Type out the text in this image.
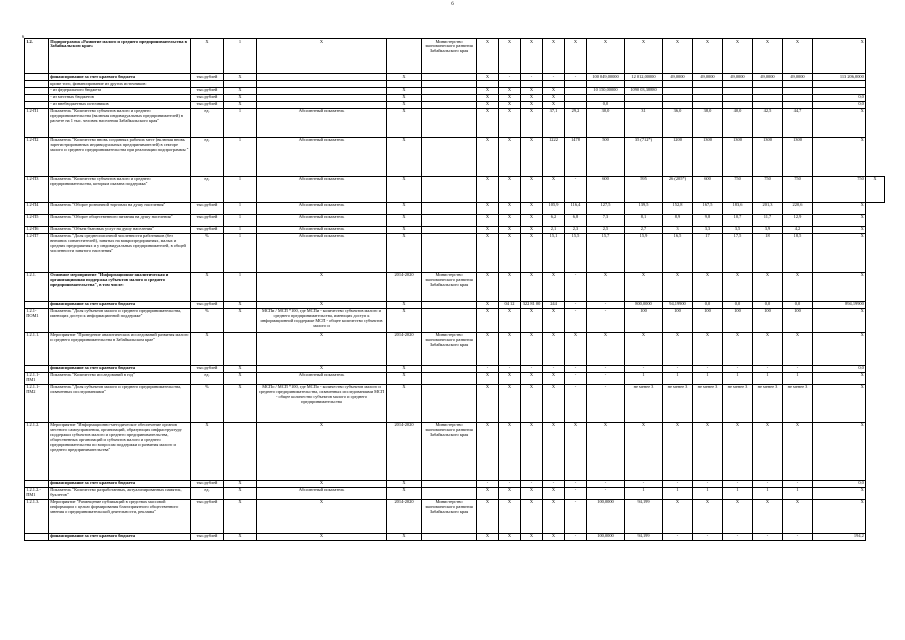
6
6
1.2.	Подпрограмма «Развитие малого и среднего предпринимательства в Забайкальском крае»	X	1	X		Министерство экономического развития Забайкальского края	X	X	X	X	X	X	X	X	X	X	X	X	X	
	финансирование за счет краевого бюджета	тыс.рублей	X		X		X	-	-	-	-	100 049,00000	12 012,00000	49,0000	49,0000	49,0000	49,0000	49,0000	113 206,0000	
	кроме того, финансирование из других источников:																			
	- из федерального бюджета	тыс.рублей	X		X		X	X	X	X		10 150,00000	1090 03,38880							
	- из местных бюджетов	тыс.рублей	X		X		X	X	X	X									0,0	
	- из внебюджетных источников	тыс.рублей	X		X		X	X	X	X		0,0							0,0	
1.2-П1	Показатель "Количество субъектов малого и среднего предпринимательства (включая индивидуальных предпринимателей) в расчете на 1 тыс. человек населения Забайкальского края"	ед.	1	Абсолютный показатель	X		X	X	X	37,1	29,2	30,0	31	36,0	38,0	40,0	42,5	44,7	X	
1.2-П2	Показатель "Количество вновь созданных рабочих мест (включая вновь зарегистрированных индивидуальных предпринимателей) в секторе малого и среднего предпринимательства при реализации подпрограммы "	ед.	1	Абсолютный показатель	X		X	X	X	1222	1478	500	35 (712*)	1200	1300	1300	1300	1300	X	
1.2-П3	Показатель "Количество субъектов малого и среднего предпринимательства, которым оказана поддержка"	ед.	1	Абсолютный показатель	X		X	X	X	X	-	600	595	26 (205*)	600	750	750	750	750	X
1.2-П4	Показатель "Оборот розничной торговли на душу населения"	тыс.рублей	1	Абсолютный показатель	X		X	X	X	105,9	116,4	127,5	139,5	152,8	167,5	183,6	201,3	220,6	X	
1.2-П5	Показатель "Оборот общественного питания на душу населения"	тыс.рублей	1	Абсолютный показатель	X		X	X	X	6,2	6,8	7,3	8,1	8,9	9,8	10,7	11,7	12,9	X	
1.2-П6	Показатель "Объем бытовых услуг на душу населения"	тыс.рублей	1	Абсолютный показатель	X		X	X	X	2,1	2,3	2,5	2,7	3	3,3	3,5	3,9	4,2	X	
1.2-П7	Показатель "Доля среднесписочной численности работников (без внешних совместителей), занятых на микропредприятиях, малых и средних предприятиях и у индивидуальных предпринимателей, в общей численности занятого населения"	%	1	Абсолютный показатель	X		X	X	X	15,1	15,5	15,7	15,9	16,5	17	17,5	18	18,5	X	
1.2.1.	Основное мероприятие "Информационно-аналитическая и организационная поддержка субъектов малого и среднего предпринимательства", в том числе:	X	1	X	2014-2020	Министерство экономического развития Забайкальского края	X	X	X	X	-	X	X	X	X	X	X	X	X	
	финансирование за счет краевого бюджета	тыс.рублей	X	X	X		X	04 12	322 81 00	244	-	-	800,0000	94,19900	0,0	0,0	0,0	0,0	894,19900	
1.2.1-ПОМ1	Показатель "Доля субъектов малого и среднего предпринимательства, имеющих доступ к информационной поддержке"	%	X	МСПи / МСП *100, где МСПи - количество субъектов малого и среднего предпринимательства, имеющих доступ к информационной поддержке МСП - общее количество субъектов малого и	X		X	X	X	X	-	-	100	100	100	100	100	100	X	
1.2.1.1.	Мероприятие "Проведение аналитических исследований развития малого и среднего предпринимательства в Забайкальском крае"	X		X	2014-2020	Министерство экономического развития Забайкальского края	X	X	X	X	X	X	X	X	X	X	X	X	X	
	финансирование за счет краевого бюджета	тыс.рублей	X	X	X		-	-	-	-	-	-	-	-	-	-	-	-	0,0	
1.2.1.1-ПМ1	Показатель "Количество исследований в год"	ед.	X	Абсолютный показатель	X		X	X	X	X	-	-	1	1	1	1	1	1	X	
1.2.1.1-ПМ2	Показатель "Доля субъектов малого и среднего предпринимательства, охваченных исследованиями"	%	X	МСПо / МСП *100, где МСПо - количество субъектов малого и среднего предпринимательства, охваченных исследованиями МСП - общее количество субъектов малого и среднего предпринимательства	X		X	X	X	X	-	-	не менее 3	не менее 3	не менее 3	не менее 3	не менее 3	не менее 3	X	
1.2.1.2.	Мероприятие "Информационно-методическое обеспечение органов местного самоуправления, организаций, образующих инфраструктуру поддержки субъектов малого и среднего предпринимательства, общественных организаций и субъектов малого и среднего предпринимательства по вопросам поддержки и развития малого и среднего предпринимательства"	X		X	2014-2020	Министерство экономического развития Забайкальского края	X	X	X	X	X	X	X	X	X	X	X	X	X	
	финансирование за счет краевого бюджета	тыс.рублей	X	X	X		-	-	-	-	-	-	-	-	-	-	-	-	0,0	
1.2.1.2.-ПМ1	Показатель "Количество разработанных, актуализированных памяток, буклетов"	ед.	X	Абсолютный показатель	X		X	X	X	X	-	-	1	1	1	1	1	1	X	
1.2.1.3.	Мероприятие "Размещение публикаций в средствах массовой информации с целью формирования благоприятного общественного мнения о предпринимательской деятельности, рекламы"	тыс.рублей	X	X	2014-2020	Министерство экономического развития Забайкальского края	X	X	X	X	-	100,0000	94,199	X	X	X	X	X	X	
	финансирование за счет краевого бюджета	тыс.рублей	X	X	X		X	X	X	X	-	100,0000	94,199	-	-	-	-	-	194,2	
